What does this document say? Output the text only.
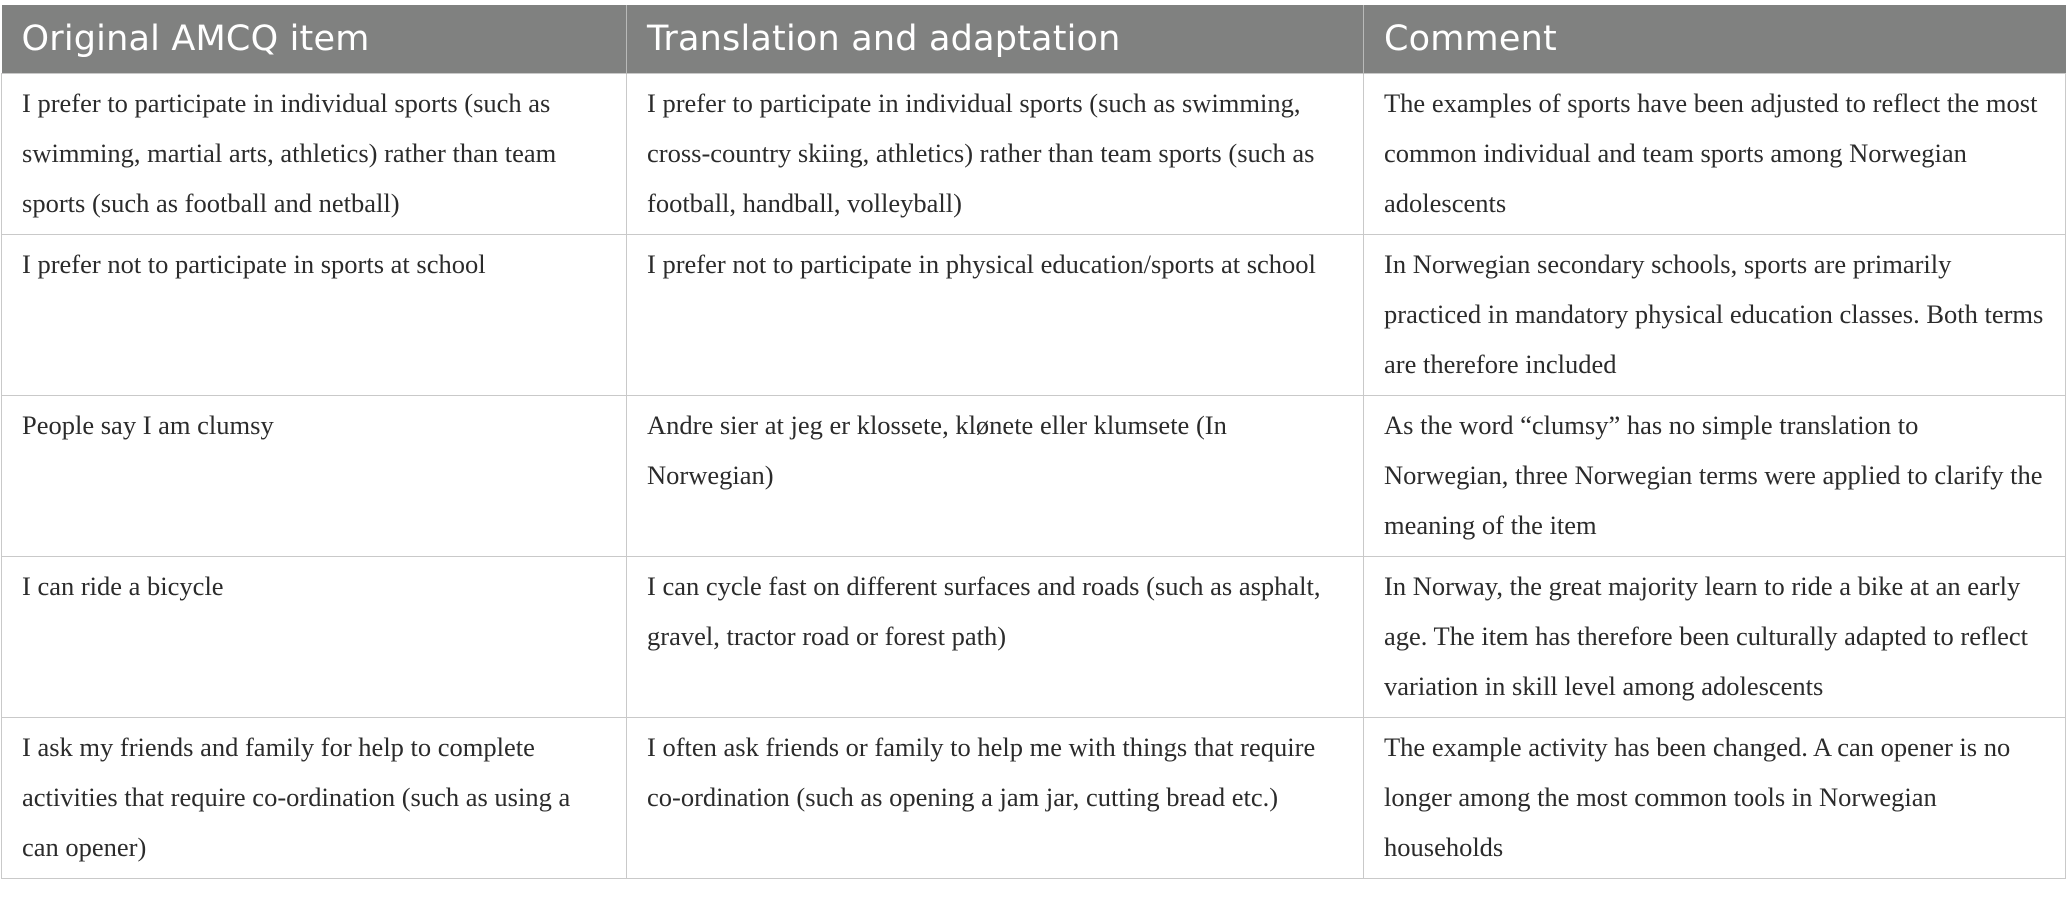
Original AMCQ item	Translation and adaptation	Comment
I prefer to participate in individual sports (such as swimming, martial arts, athletics) rather than team sports (such as football and netball)	I prefer to participate in individual sports (such as swimming, cross-country skiing, athletics) rather than team sports (such as football, handball, volleyball)	The examples of sports have been adjusted to reflect the most common individual and team sports among Norwegian adolescents
I prefer not to participate in sports at school	I prefer not to participate in physical education/sports at school	In Norwegian secondary schools, sports are primarily practiced in mandatory physical education classes. Both terms are therefore included
People say I am clumsy	Andre sier at jeg er klossete, klønete eller klumsete (In Norwegian)	As the word “clumsy” has no simple translation to Norwegian, three Norwegian terms were applied to clarify the meaning of the item
I can ride a bicycle	I can cycle fast on different surfaces and roads (such as asphalt, gravel, tractor road or forest path)	In Norway, the great majority learn to ride a bike at an early age. The item has therefore been culturally adapted to reflect variation in skill level among adolescents
I ask my friends and family for help to complete activities that require co-ordination (such as using a can opener)	I often ask friends or family to help me with things that require co-ordination (such as opening a jam jar, cutting bread etc.)	The example activity has been changed. A can opener is no longer among the most common tools in Norwegian households
